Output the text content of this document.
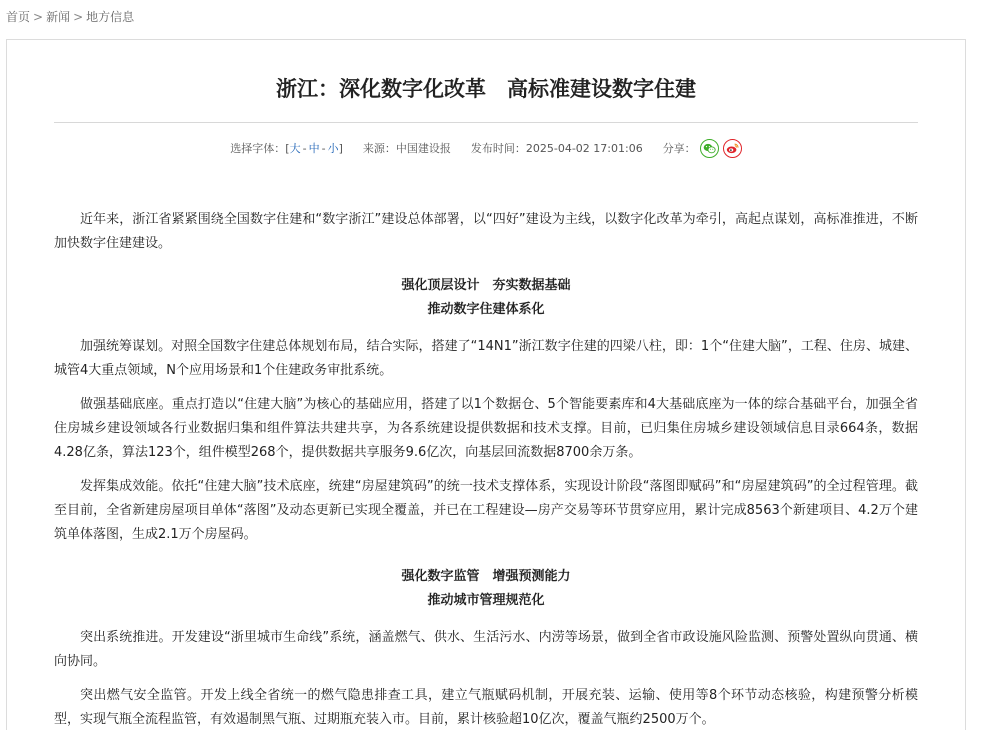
首页 > 新闻 > 地方信息
浙江：深化数字化改革　高标准建设数字住建
选择字体： [ 大 - 中 - 小 ] 来源： 中国建设报 发布时间： 2025-04-02 17:01:06 分享：

近年来，浙江省紧紧围绕全国数字住建和“数字浙江”建设总体部署，以“四好”建设为主线，以数字化改革为牵引，高起点谋划，高标准推进，不断加快数字住建建设。

强化顶层设计　夯实数据基础

推动数字住建体系化

加强统筹谋划。对照全国数字住建总体规划布局，结合实际，搭建了“14N1”浙江数字住建的四梁八柱，即：1个“住建大脑”，工程、住房、城建、城管4大重点领域，N个应用场景和1个住建政务审批系统。

做强基础底座。重点打造以“住建大脑”为核心的基础应用，搭建了以1个数据仓、5个智能要素库和4大基础底座为一体的综合基础平台，加强全省住房城乡建设领域各行业数据归集和组件算法共建共享，为各系统建设提供数据和技术支撑。目前，已归集住房城乡建设领域信息目录664条，数据4.28亿条，算法123个，组件模型268个，提供数据共享服务9.6亿次，向基层回流数据8700余万条。

发挥集成效能。依托“住建大脑”技术底座，统建“房屋建筑码”的统一技术支撑体系，实现设计阶段“落图即赋码”和“房屋建筑码”的全过程管理。截至目前，全省新建房屋项目单体“落图”及动态更新已实现全覆盖，并已在工程建设—房产交易等环节贯穿应用，累计完成8563个新建项目、4.2万个建筑单体落图，生成2.1万个房屋码。

强化数字监管　增强预测能力

推动城市管理规范化

突出系统推进。开发建设“浙里城市生命线”系统，涵盖燃气、供水、生活污水、内涝等场景，做到全省市政设施风险监测、预警处置纵向贯通、横向协同。

突出燃气安全监管。开发上线全省统一的燃气隐患排查工具，建立气瓶赋码机制，开展充装、运输、使用等8个环节动态核验，构建预警分析模型，实现气瓶全流程监管，有效遏制黑气瓶、过期瓶充装入市。目前，累计核验超10亿次，覆盖气瓶约2500万个。
